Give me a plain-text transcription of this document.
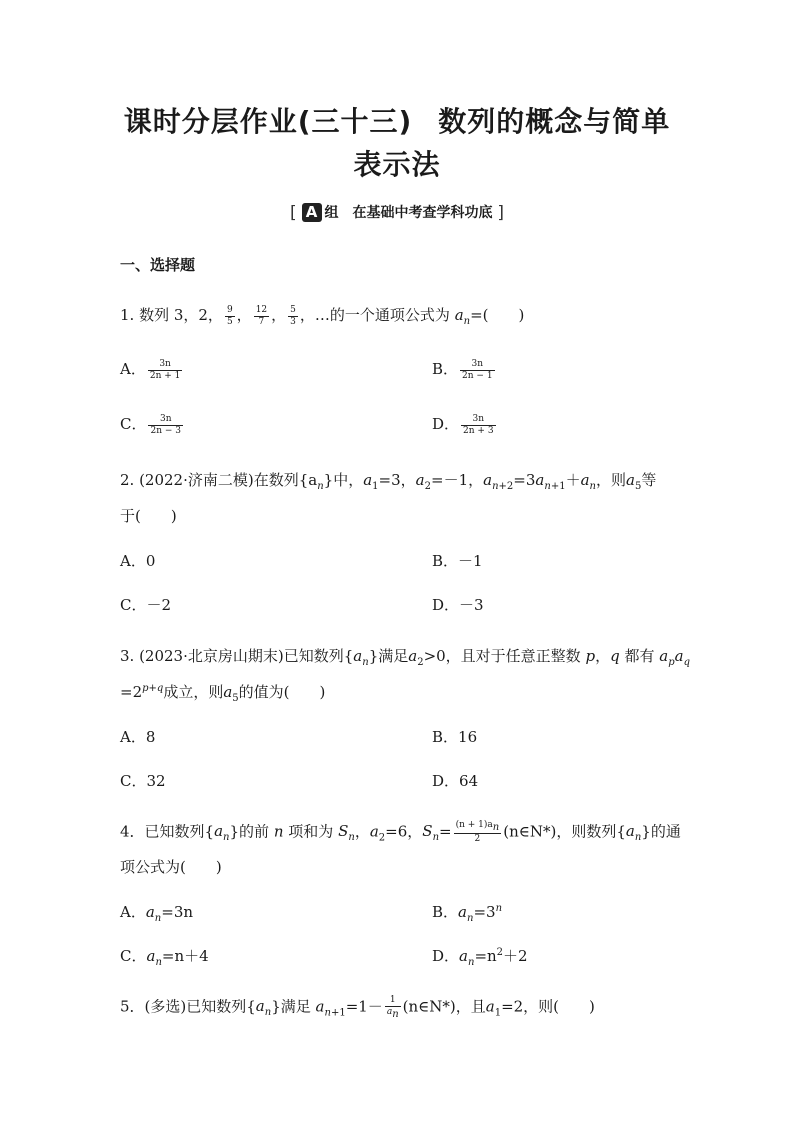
课时分层作业(三十三) 数列的概念与简单
表示法
[ A 组 在基础中考查学科功底 ]
一、选择题
1. 数列 3，2， $\frac{9}{5}$ ， $\frac{12}{7}$ ， $\frac{5}{3}$ ，…的一个通项公式为 $a_n=$( )
A． $\frac{3n}{2n + 1}$	B． $\frac{3n}{2n - 1}$
C． $\frac{3n}{2n - 3}$	D． $\frac{3n}{2n + 3}$
2. (2022·济南二模)在数列$\{a_n\}$中，$a_1=3$，$a_2=-1$，$a_{n+2}=3a_{n+1}+a_n$，则$a_5$等
于( )
A．0	B．－1
C．－2	D．－3
3. (2023·北京房山期末)已知数列$\{a_n\}$满足$a_2>0$，且对于任意正整数 p，q 都有 $a_pa_q$
$=2^{p+q}$成立，则$a_5$的值为( )
A．8	B．16
C．32	D．64
4．已知数列$\{a_n\}$的前 n 项和为 $S_n$，$a_2=6$，$S_n= \frac{(n + 1)a_n}{2}$ (n∈N*)，则数列$\{a_n\}$的通
项公式为( )
A．$a_n=3n$	B．$a_n=3^n$
C．$a_n=n+4$	D．$a_n=n^2+2$
5．(多选)已知数列$\{a_n\}$满足 $a_{n+1}=1- \frac{1}{a_n}$ (n∈N*)，且$a_1=2$，则( )
